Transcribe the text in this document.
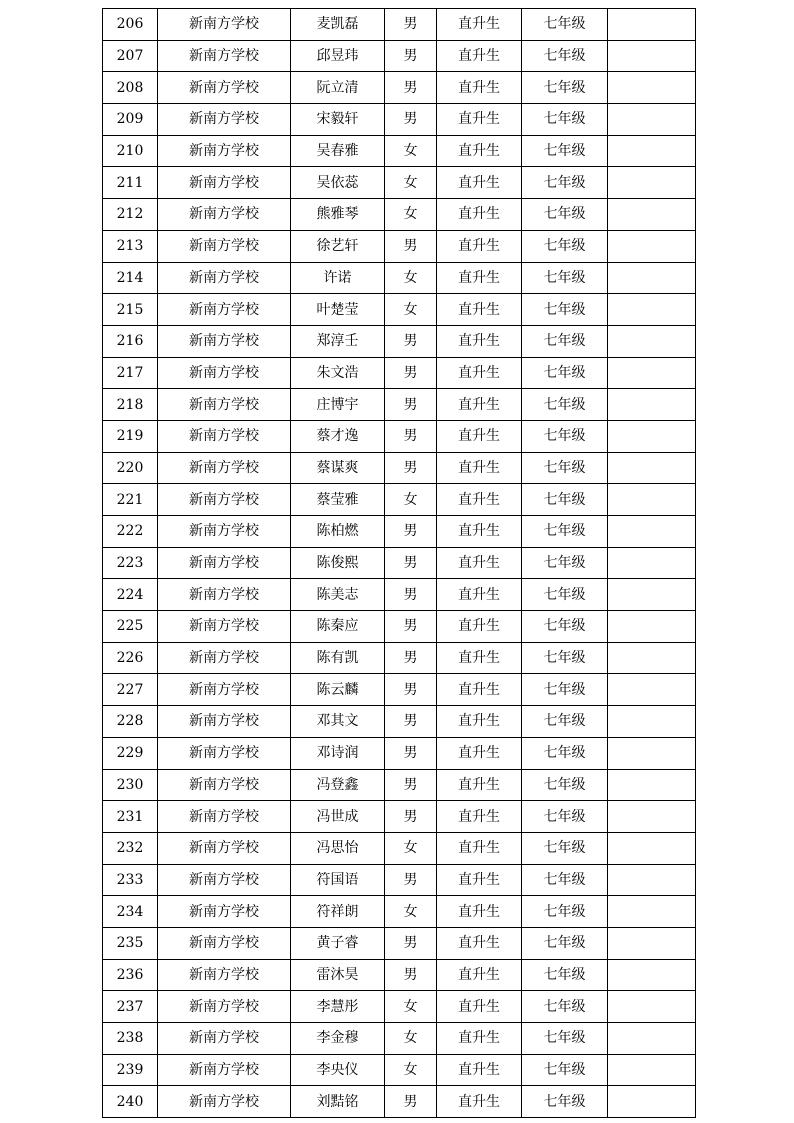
206	新南方学校	麦凯磊	男	直升生	七年级	
207	新南方学校	邱昱玮	男	直升生	七年级	
208	新南方学校	阮立清	男	直升生	七年级	
209	新南方学校	宋毅轩	男	直升生	七年级	
210	新南方学校	吴春雅	女	直升生	七年级	
211	新南方学校	吴依蕊	女	直升生	七年级	
212	新南方学校	熊雅琴	女	直升生	七年级	
213	新南方学校	徐艺轩	男	直升生	七年级	
214	新南方学校	许诺	女	直升生	七年级	
215	新南方学校	叶楚莹	女	直升生	七年级	
216	新南方学校	郑淳壬	男	直升生	七年级	
217	新南方学校	朱文浩	男	直升生	七年级	
218	新南方学校	庄博宇	男	直升生	七年级	
219	新南方学校	蔡才逸	男	直升生	七年级	
220	新南方学校	蔡谋爽	男	直升生	七年级	
221	新南方学校	蔡莹雅	女	直升生	七年级	
222	新南方学校	陈柏燃	男	直升生	七年级	
223	新南方学校	陈俊熙	男	直升生	七年级	
224	新南方学校	陈美志	男	直升生	七年级	
225	新南方学校	陈秦应	男	直升生	七年级	
226	新南方学校	陈有凯	男	直升生	七年级	
227	新南方学校	陈云麟	男	直升生	七年级	
228	新南方学校	邓其文	男	直升生	七年级	
229	新南方学校	邓诗润	男	直升生	七年级	
230	新南方学校	冯登鑫	男	直升生	七年级	
231	新南方学校	冯世成	男	直升生	七年级	
232	新南方学校	冯思怡	女	直升生	七年级	
233	新南方学校	符国语	男	直升生	七年级	
234	新南方学校	符祥朗	女	直升生	七年级	
235	新南方学校	黄子睿	男	直升生	七年级	
236	新南方学校	雷沐昊	男	直升生	七年级	
237	新南方学校	李慧彤	女	直升生	七年级	
238	新南方学校	李金穆	女	直升生	七年级	
239	新南方学校	李央仪	女	直升生	七年级	
240	新南方学校	刘黠铭	男	直升生	七年级	
